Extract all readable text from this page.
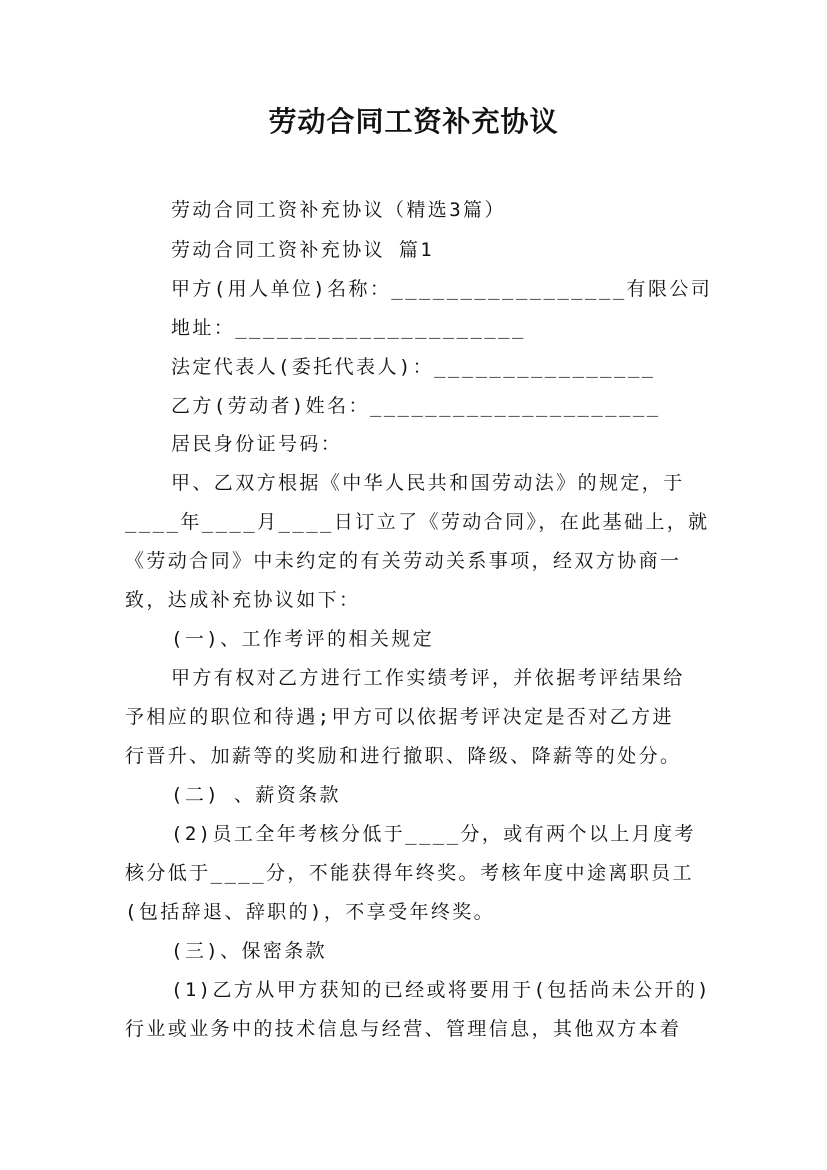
劳动合同工资补充协议
劳动合同工资补充协议（精选3篇）
劳动合同工资补充协议 篇1
甲方(用人单位)名称：_________________有限公司
地址：_____________________
法定代表人(委托代表人)：________________
乙方(劳动者)姓名：_____________________
居民身份证号码：
甲、乙双方根据《中华人民共和国劳动法》的规定，于
____年____月____日订立了《劳动合同》，在此基础上，就
《劳动合同》中未约定的有关劳动关系事项，经双方协商一
致，达成补充协议如下：
(一)、工作考评的相关规定
甲方有权对乙方进行工作实绩考评，并依据考评结果给
予相应的职位和待遇;甲方可以依据考评决定是否对乙方进
行晋升、加薪等的奖励和进行撤职、降级、降薪等的处分。
(二) 、薪资条款
(2)员工全年考核分低于____分，或有两个以上月度考
核分低于____分，不能获得年终奖。考核年度中途离职员工
(包括辞退、辞职的)，不享受年终奖。
(三)、保密条款
(1)乙方从甲方获知的已经或将要用于(包括尚未公开的)
行业或业务中的技术信息与经营、管理信息，其他双方本着
